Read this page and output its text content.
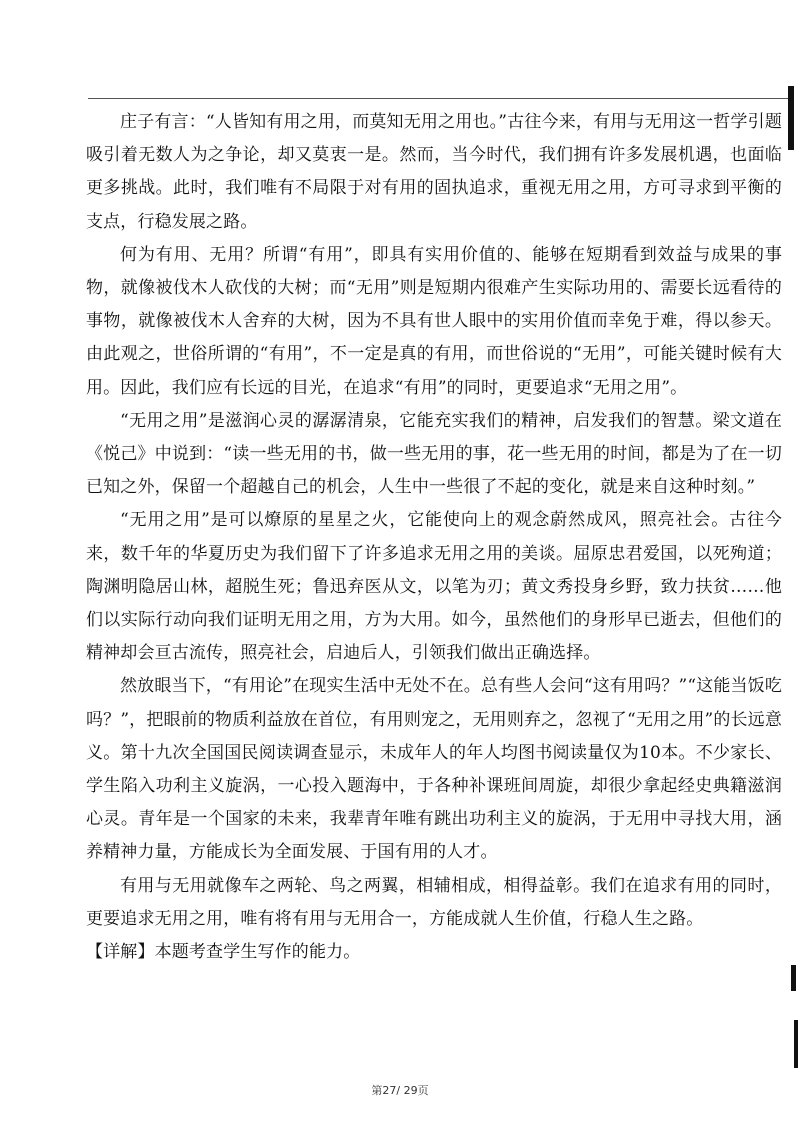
庄子有言：“人皆知有用之用，而莫知无用之用也。”古往今来，有用与无用这一哲学引题吸引着无数人为之争论，却又莫衷一是。然而，当今时代，我们拥有许多发展机遇，也面临更多挑战。此时，我们唯有不局限于对有用的固执追求，重视无用之用，方可寻求到平衡的支点，行稳发展之路。

何为有用、无用？所谓“有用”，即具有实用价值的、能够在短期看到效益与成果的事物，就像被伐木人砍伐的大树；而“无用”则是短期内很难产生实际功用的、需要长远看待的事物，就像被伐木人舍弃的大树，因为不具有世人眼中的实用价值而幸免于难，得以参天。由此观之，世俗所谓的“有用”，不一定是真的有用，而世俗说的“无用”，可能关键时候有大用。因此，我们应有长远的目光，在追求“有用”的同时，更要追求“无用之用”。

“无用之用”是滋润心灵的潺潺清泉，它能充实我们的精神，启发我们的智慧。梁文道在《悦己》中说到：“读一些无用的书，做一些无用的事，花一些无用的时间，都是为了在一切已知之外，保留一个超越自己的机会，人生中一些很了不起的变化，就是来自这种时刻。”

“无用之用”是可以燎原的星星之火，它能使向上的观念蔚然成风，照亮社会。古往今来，数千年的华夏历史为我们留下了许多追求无用之用的美谈。屈原忠君爱国，以死殉道；陶渊明隐居山林，超脱生死；鲁迅弃医从文，以笔为刃；黄文秀投身乡野，致力扶贫……他们以实际行动向我们证明无用之用，方为大用。如今，虽然他们的身形早已逝去，但他们的精神却会亘古流传，照亮社会，启迪后人，引领我们做出正确选择。

然放眼当下，“有用论”在现实生活中无处不在。总有些人会问“这有用吗？”“这能当饭吃吗？”，把眼前的物质利益放在首位，有用则宠之，无用则弃之，忽视了“无用之用”的长远意义。第十九次全国国民阅读调查显示，未成年人的年人均图书阅读量仅为10本。不少家长、学生陷入功利主义旋涡，一心投入题海中，于各种补课班间周旋，却很少拿起经史典籍滋润心灵。青年是一个国家的未来，我辈青年唯有跳出功利主义的旋涡，于无用中寻找大用，涵养精神力量，方能成长为全面发展、于国有用的人才。

有用与无用就像车之两轮、鸟之两翼，相辅相成，相得益彰。我们在追求有用的同时，更要追求无用之用，唯有将有用与无用合一，方能成就人生价值，行稳人生之路。

【详解】本题考查学生写作的能力。

第27/ 29页
